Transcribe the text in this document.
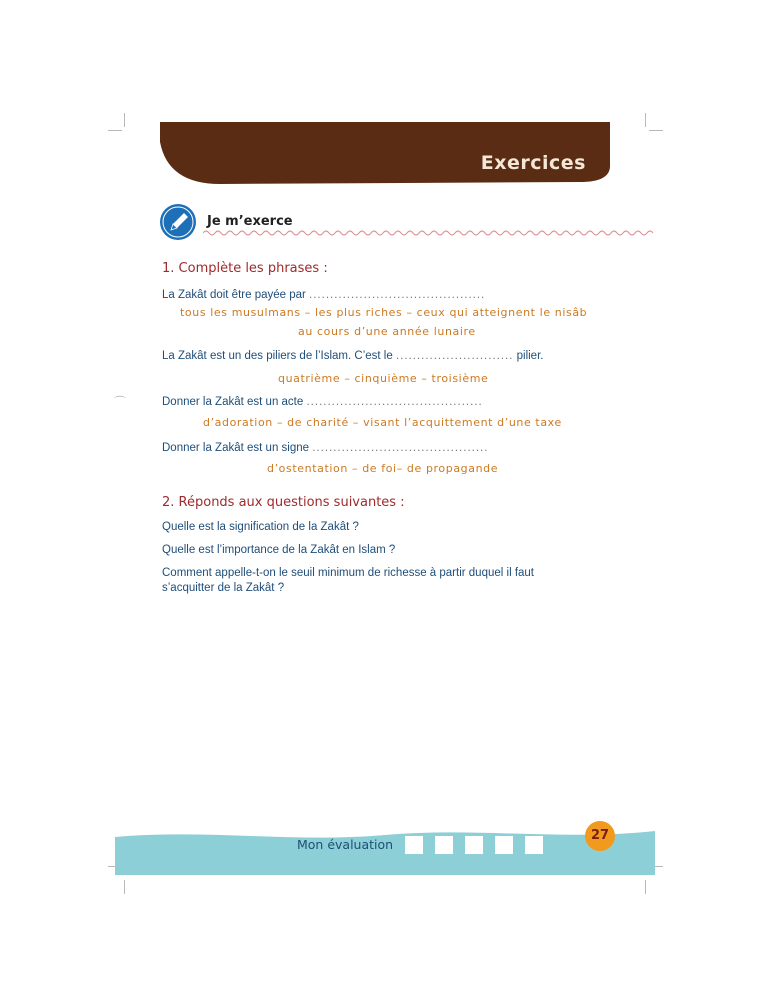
Exercices
Je m’exerce
1. Complète les phrases :
La Zakât doit être payée par ..........................................
tous les musulmans – les plus riches – ceux qui atteignent le nisâb
au cours d’une année lunaire
La Zakât est un des piliers de l’Islam. C’est le ............................ pilier.
quatrième – cinquième – troisième
⌒	Donner la Zakât est un acte ..........................................
d’adoration – de charité – visant l’acquittement d’une taxe
Donner la Zakât est un signe ..........................................
d’ostentation – de foi– de propagande
2. Réponds aux questions suivantes :
Quelle est la signification de la Zakât ?
Quelle est l’importance de la Zakât en Islam ?
Comment appelle-t-on le seuil minimum de richesse à partir duquel il faut
s’acquitter de la Zakât ?
Mon évaluation
27
